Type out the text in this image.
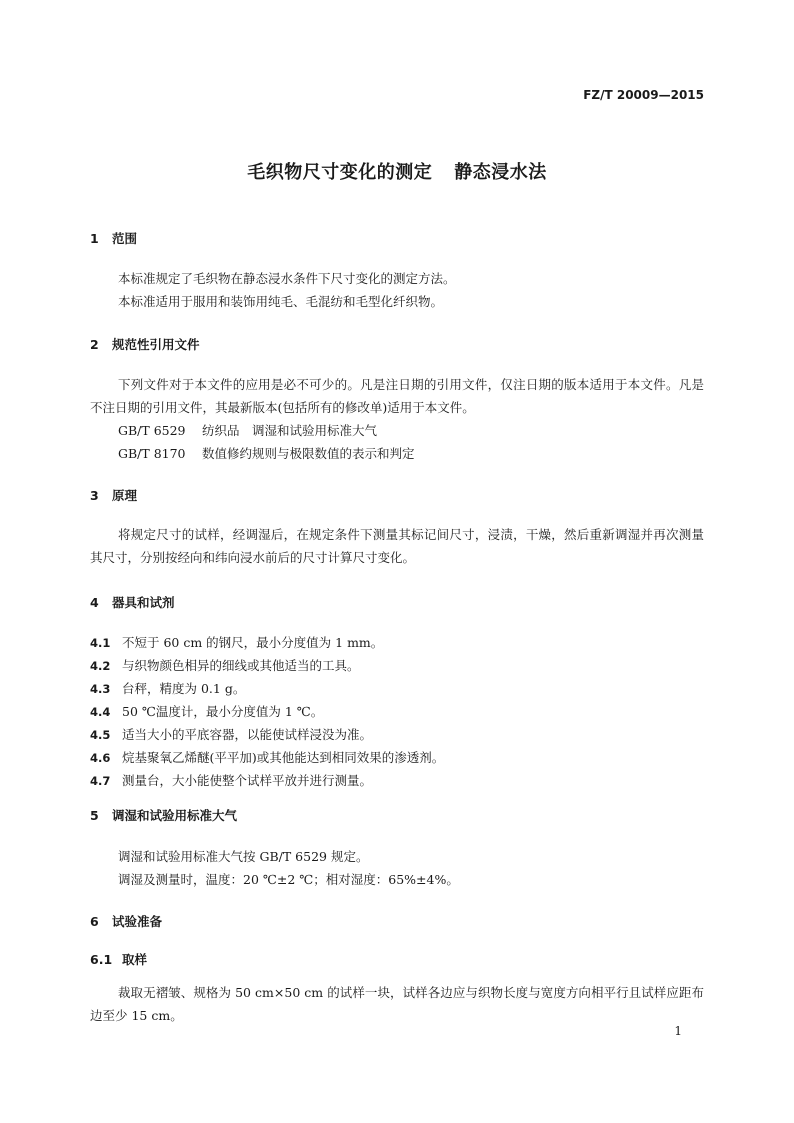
FZ/T 20009—2015
毛织物尺寸变化的测定 静态浸水法
1 范围
本标准规定了毛织物在静态浸水条件下尺寸变化的测定方法。
本标准适用于服用和装饰用纯毛、毛混纺和毛型化纤织物。
2 规范性引用文件
下列文件对于本文件的应用是必不可少的。凡是注日期的引用文件，仅注日期的版本适用于本文件。凡是不注日期的引用文件，其最新版本(包括所有的修改单)适用于本文件。
GB/T 6529 纺织品　调湿和试验用标准大气
GB/T 8170 数值修约规则与极限数值的表示和判定
3 原理
将规定尺寸的试样，经调湿后，在规定条件下测量其标记间尺寸，浸渍，干燥，然后重新调湿并再次测量其尺寸，分别按经向和纬向浸水前后的尺寸计算尺寸变化。
4 器具和试剂
4.1 不短于 60 cm 的钢尺，最小分度值为 1 mm。
4.2 与织物颜色相异的细线或其他适当的工具。
4.3 台秤，精度为 0.1 g。
4.4 50 ℃温度计，最小分度值为 1 ℃。
4.5 适当大小的平底容器，以能使试样浸没为准。
4.6 烷基聚氧乙烯醚(平平加)或其他能达到相同效果的渗透剂。
4.7 测量台，大小能使整个试样平放并进行测量。
5 调湿和试验用标准大气
调湿和试验用标准大气按 GB/T 6529 规定。
调湿及测量时，温度：20 ℃±2 ℃；相对湿度：65%±4%。
6 试验准备
6.1 取样
裁取无褶皱、规格为 50 cm×50 cm 的试样一块，试样各边应与织物长度与宽度方向相平行且试样应距布边至少 15 cm。
1
